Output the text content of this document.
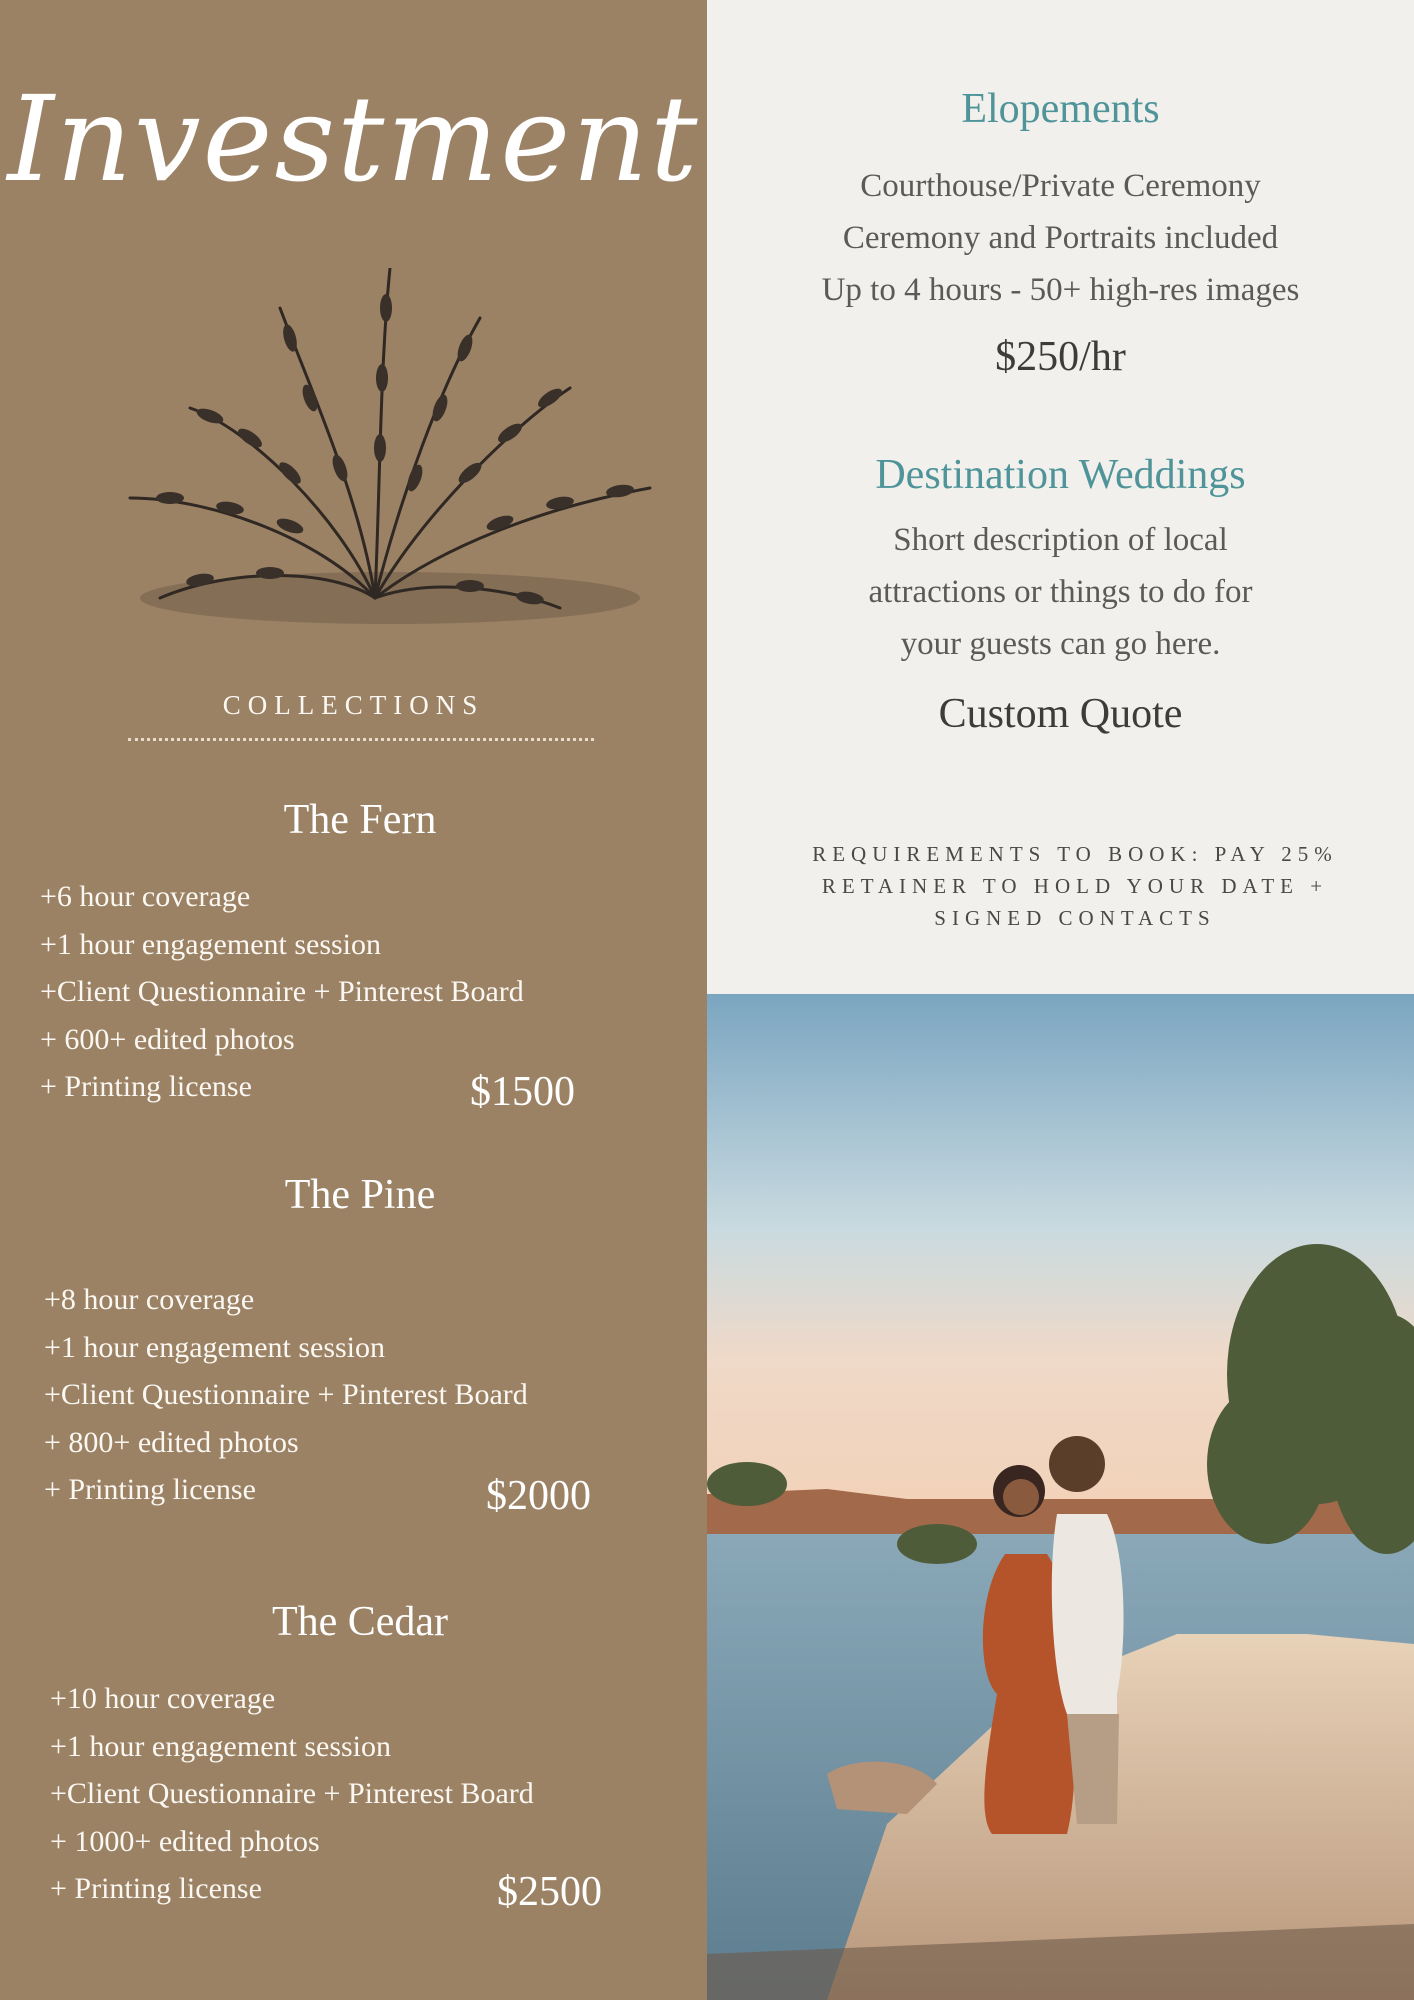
Investment
COLLECTIONS
The Fern
+6 hour coverage
+1 hour engagement session
+Client Questionnaire + Pinterest Board
+ 600+ edited photos
+ Printing license	$1500
The Pine
+8 hour coverage
+1 hour engagement session
+Client Questionnaire + Pinterest Board
+ 800+ edited photos
+ Printing license	$2000
The Cedar
+10 hour coverage
+1 hour engagement session
+Client Questionnaire + Pinterest Board
+ 1000+ edited photos
+ Printing license	$2500
Elopements
Courthouse/Private Ceremony
Ceremony and Portraits included
Up to 4 hours - 50+ high-res images
$250/hr
Destination Weddings
Short description of local
attractions or things to do for
your guests can go here.
Custom Quote
REQUIREMENTS TO BOOK: PAY 25% RETAINER TO HOLD YOUR DATE + SIGNED CONTACTS
